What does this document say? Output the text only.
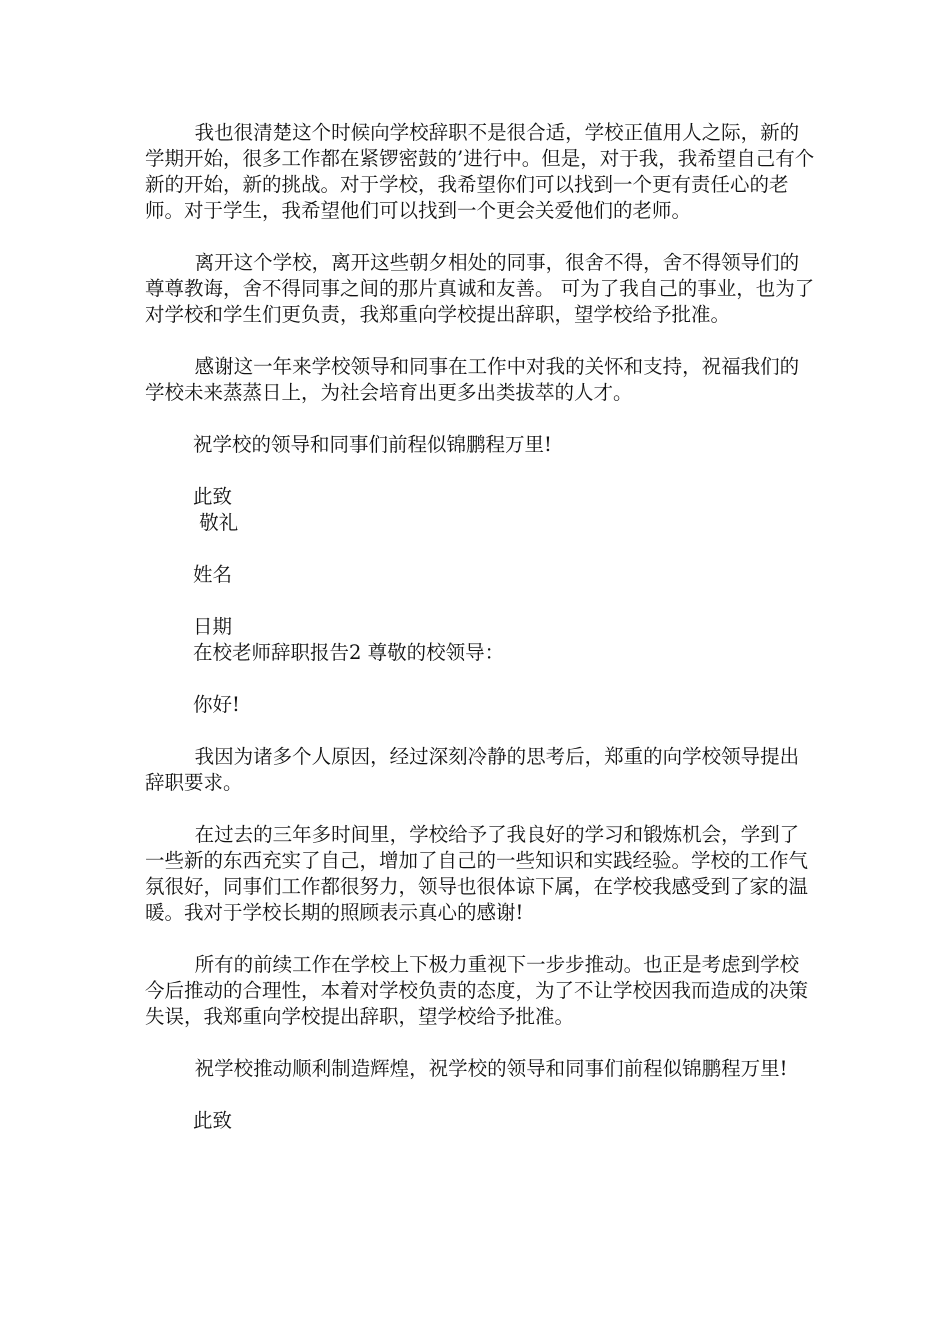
我也很清楚这个时候向学校辞职不是很合适，学校正值用人之际，新的学期开始，很多工作都在紧锣密鼓的’进行中。但是，对于我，我希望自己有个新的开始，新的挑战。对于学校，我希望你们可以找到一个更有责任心的老师。对于学生，我希望他们可以找到一个更会关爱他们的老师。

离开这个学校，离开这些朝夕相处的同事，很舍不得，舍不得领导们的尊尊教诲，舍不得同事之间的那片真诚和友善。 可为了我自己的事业，也为了对学校和学生们更负责，我郑重向学校提出辞职，望学校给予批准。

感谢这一年来学校领导和同事在工作中对我的关怀和支持，祝福我们的学校未来蒸蒸日上，为社会培育出更多出类拔萃的人才。

祝学校的领导和同事们前程似锦鹏程万里!

此致

敬礼

姓名

日期

在校老师辞职报告2 尊敬的校领导：

你好!

我因为诸多个人原因，经过深刻冷静的思考后，郑重的向学校领导提出辞职要求。

在过去的三年多时间里，学校给予了我良好的学习和锻炼机会，学到了一些新的东西充实了自己，增加了自己的一些知识和实践经验。学校的工作气氛很好，同事们工作都很努力，领导也很体谅下属，在学校我感受到了家的温暖。我对于学校长期的照顾表示真心的感谢!

所有的前续工作在学校上下极力重视下一步步推动。也正是考虑到学校今后推动的合理性，本着对学校负责的态度，为了不让学校因我而造成的决策失误，我郑重向学校提出辞职，望学校给予批准。

祝学校推动顺利制造辉煌，祝学校的领导和同事们前程似锦鹏程万里!

此致
